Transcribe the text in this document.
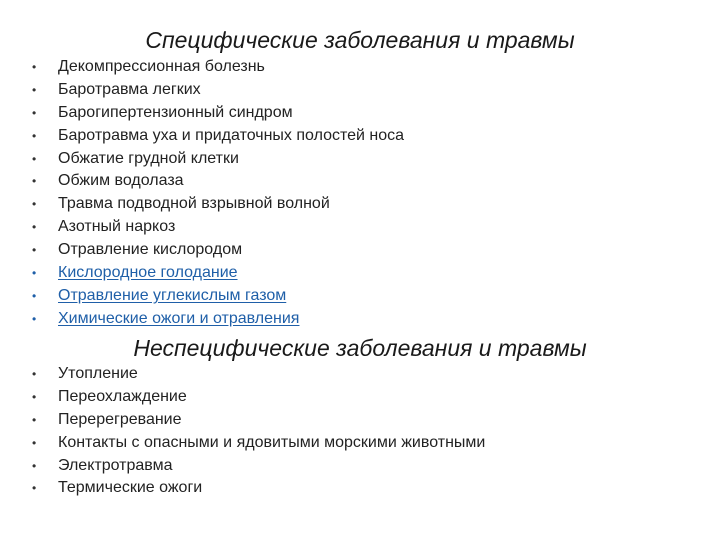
Специфические заболевания и травмы
• Декомпрессионная болезнь
• Баротравма легких
• Барогипертензионный синдром
• Баротравма уха и придаточных полостей носа
• Обжатие грудной клетки
• Обжим водолаза
• Травма подводной взрывной волной
• Азотный наркоз
• Отравление кислородом
• Кислородное голодание
• Отравление углекислым газом
• Химические ожоги и отравления
Неспецифические заболевания и травмы
• Утопление
• Переохлаждение
• Перерегревание
• Контакты с опасными и ядовитыми морскими животными
• Электротравма
• Термические ожоги
